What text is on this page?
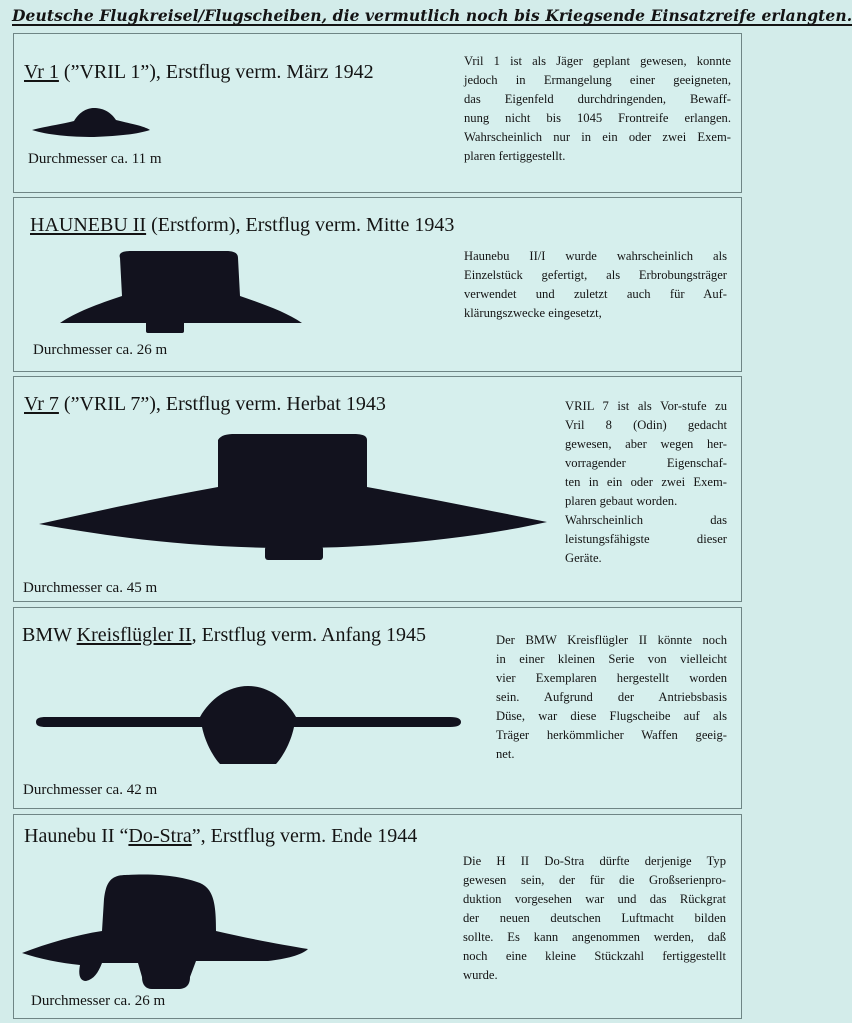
Deutsche Flugkreisel/Flugscheiben, die vermutlich noch bis Kriegsende Einsatzreife erlangten.
Vr 1 (”VRIL 1”), Erstflug verm. März 1942
Durchmesser ca. 11 m
Vril 1 ist als Jäger geplant gewesen, konnte
jedoch in Ermangelung einer geeigneten,
das Eigenfeld durchdringenden, Bewaff-
nung nicht bis 1045 Frontreife erlangen.
Wahrscheinlich nur in ein oder zwei Exem-
plaren fertiggestellt.
HAUNEBU II (Erstform), Erstflug verm. Mitte 1943
Durchmesser ca. 26 m
Haunebu II/I wurde wahrscheinlich als
Einzelstück gefertigt, als Erbrobungsträger
verwendet und zuletzt auch für Auf-
klärungszwecke eingesetzt,
Vr 7 (”VRIL 7”), Erstflug verm. Herbat 1943
Durchmesser ca. 45 m
VRIL 7 ist als Vor-stufe zu
Vril 8 (Odin) gedacht
gewesen, aber wegen her-
vorragender Eigenschaf-
ten in ein oder zwei Exem-
plaren gebaut worden.
Wahrscheinlich das
leistungsfähigste dieser
Geräte.
BMW Kreisflügler II, Erstflug verm. Anfang 1945
Durchmesser ca. 42 m
Der BMW Kreisflügler II könnte noch
in einer kleinen Serie von vielleicht
vier Exemplaren hergestellt worden
sein. Aufgrund der Antriebsbasis
Düse, war diese Flugscheibe auf als
Träger herkömmlicher Waffen geeig-
net.
Haunebu II “Do-Stra”, Erstflug verm. Ende 1944
Durchmesser ca. 26 m
Die H II Do-Stra dürfte derjenige Typ
gewesen sein, der für die Großserienpro-
duktion vorgesehen war und das Rückgrat
der neuen deutschen Luftmacht bilden
sollte. Es kann angenommen werden, daß
noch eine kleine Stückzahl fertiggestellt
wurde.
